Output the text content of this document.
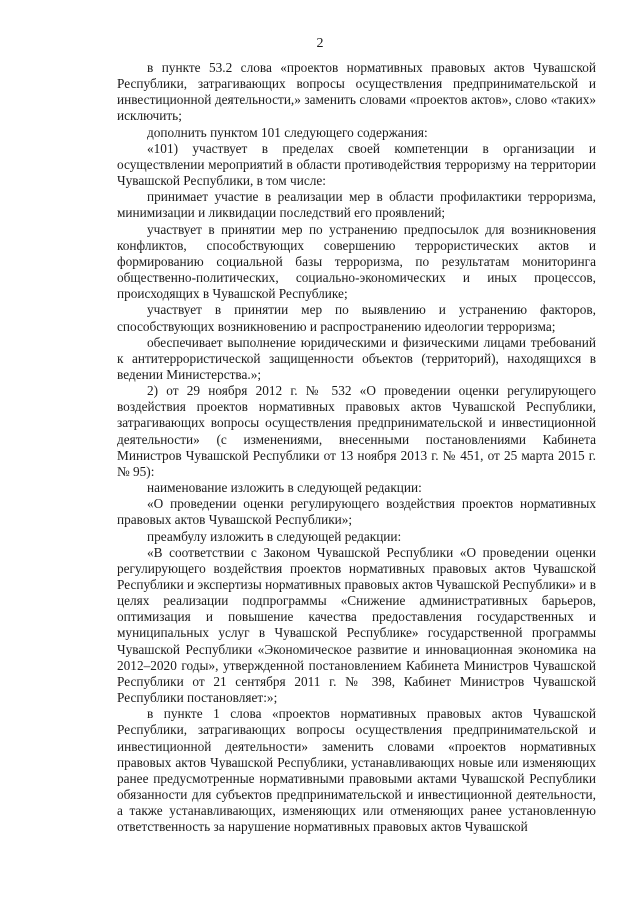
2

в пункте 53.2 слова «проектов нормативных правовых актов Чувашской Республики, затрагивающих вопросы осуществления предпринимательской и инвестиционной деятельности,» заменить словами «проектов актов», слово «таких» исключить;

дополнить пунктом 101 следующего содержания:

«101) участвует в пределах своей компетенции в организации и осуществлении мероприятий в области противодействия терроризму на территории Чувашской Республики, в том числе:

принимает участие в реализации мер в области профилактики терроризма, минимизации и ликвидации последствий его проявлений;

участвует в принятии мер по устранению предпосылок для возникновения конфликтов, способствующих совершению террористических актов и формированию социальной базы терроризма, по результатам мониторинга общественно-политических, социально-экономических и иных процессов, происходящих в Чувашской Республике;

участвует в принятии мер по выявлению и устранению факторов, способствующих возникновению и распространению идеологии терроризма;

обеспечивает выполнение юридическими и физическими лицами требований к антитеррористической защищенности объектов (территорий), находящихся в ведении Министерства.»;

2) от 29 ноября 2012 г. № 532 «О проведении оценки регулирующего воздействия проектов нормативных правовых актов Чувашской Республики, затрагивающих вопросы осуществления предпринимательской и инвестиционной деятельности» (с изменениями, внесенными постановлениями Кабинета Министров Чувашской Республики от 13 ноября 2013 г. № 451, от 25 марта 2015 г. № 95):

наименование изложить в следующей редакции:

«О проведении оценки регулирующего воздействия проектов нормативных правовых актов Чувашской Республики»;

преамбулу изложить в следующей редакции:

«В соответствии с Законом Чувашской Республики «О проведении оценки регулирующего воздействия проектов нормативных правовых актов Чувашской Республики и экспертизы нормативных правовых актов Чувашской Республики» и в целях реализации подпрограммы «Снижение административных барьеров, оптимизация и повышение качества предоставления государственных и муниципальных услуг в Чувашской Республике» государственной программы Чувашской Республики «Экономическое развитие и инновационная экономика на 2012–2020 годы», утвержденной постановлением Кабинета Министров Чувашской Республики от 21 сентября 2011 г. № 398, Кабинет Министров Чувашской Республики постановляет:»;

в пункте 1 слова «проектов нормативных правовых актов Чувашской Республики, затрагивающих вопросы осуществления предпринимательской и инвестиционной деятельности» заменить словами «проектов нормативных правовых актов Чувашской Республики, устанавливающих новые или изменяющих ранее предусмотренные нормативными правовыми актами Чувашской Республики обязанности для субъектов предпринимательской и инвестиционной деятельности, а также устанавливающих, изменяющих или отменяющих ранее установленную ответственность за нарушение нормативных правовых актов Чувашской
